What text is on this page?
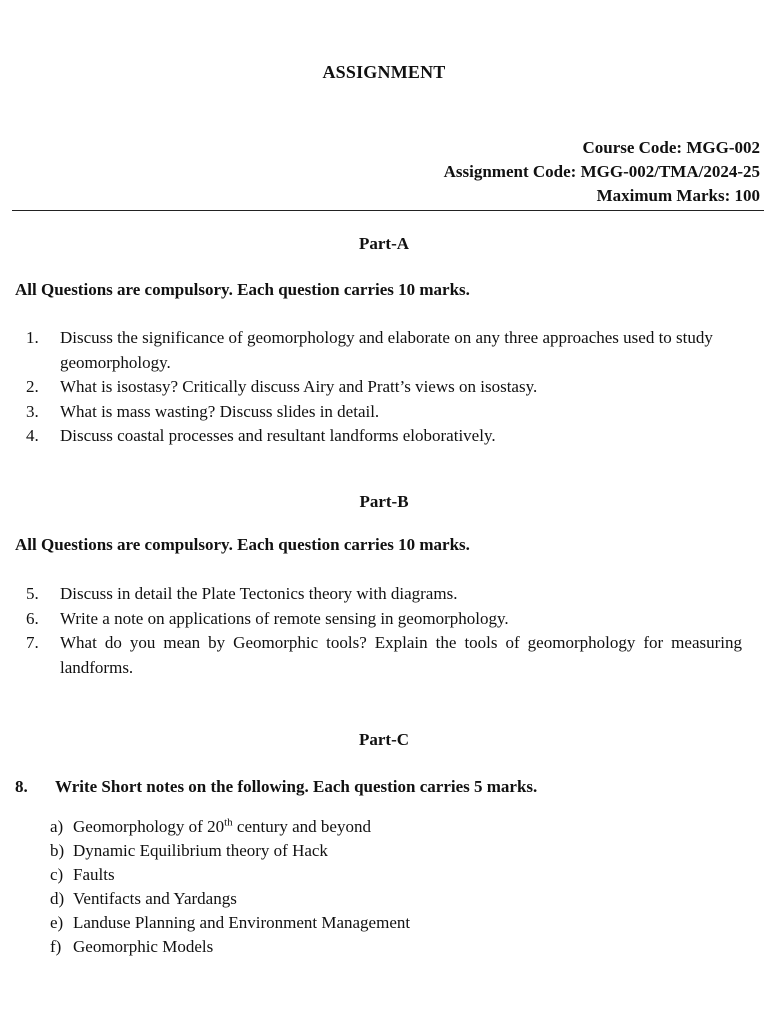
ASSIGNMENT
Course Code: MGG-002
Assignment Code: MGG-002/TMA/2024-25
Maximum Marks: 100
Part-A
All Questions are compulsory. Each question carries 10 marks.
1. Discuss the significance of geomorphology and elaborate on any three approaches used to study geomorphology.
2. What is isostasy? Critically discuss Airy and Pratt’s views on isostasy.
3. What is mass wasting? Discuss slides in detail.
4. Discuss coastal processes and resultant landforms eloboratively.
Part-B
All Questions are compulsory. Each question carries 10 marks.
5. Discuss in detail the Plate Tectonics theory with diagrams.
6. Write a note on applications of remote sensing in geomorphology.
7. What do you mean by Geomorphic tools? Explain the tools of geomorphology for measuring landforms.
Part-C
8. Write Short notes on the following. Each question carries 5 marks.
a) Geomorphology of 20th century and beyond
b) Dynamic Equilibrium theory of Hack
c) Faults
d) Ventifacts and Yardangs
e) Landuse Planning and Environment Management
f) Geomorphic Models
